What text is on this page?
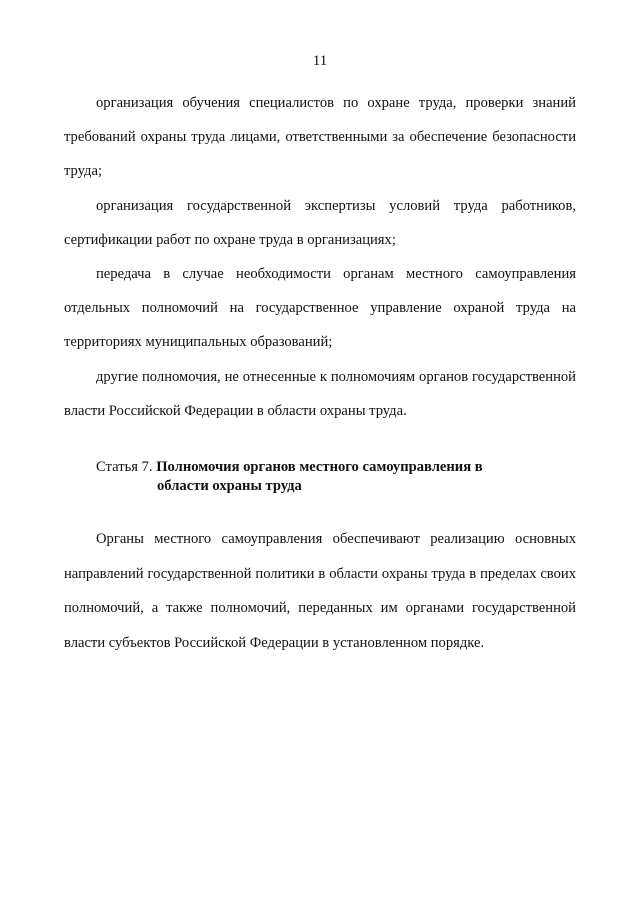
11

организация обучения специалистов по охране труда, проверки знаний требований охраны труда лицами, ответственными за обеспечение безопасности труда;

организация государственной экспертизы условий труда работников, сертификации работ по охране труда в организациях;

передача в случае необходимости органам местного самоуправления отдельных полномочий на государственное управление охраной труда на территориях муниципальных образований;

другие полномочия, не отнесенные к полномочиям органов государственной власти Российской Федерации в области охраны труда.

Статья 7. Полномочия органов местного самоуправления в
области охраны труда

Органы местного самоуправления обеспечивают реализацию основных направлений государственной политики в области охраны труда в пределах своих полномочий, а также полномочий, переданных им органами государственной власти субъектов Российской Федерации в установленном порядке.
